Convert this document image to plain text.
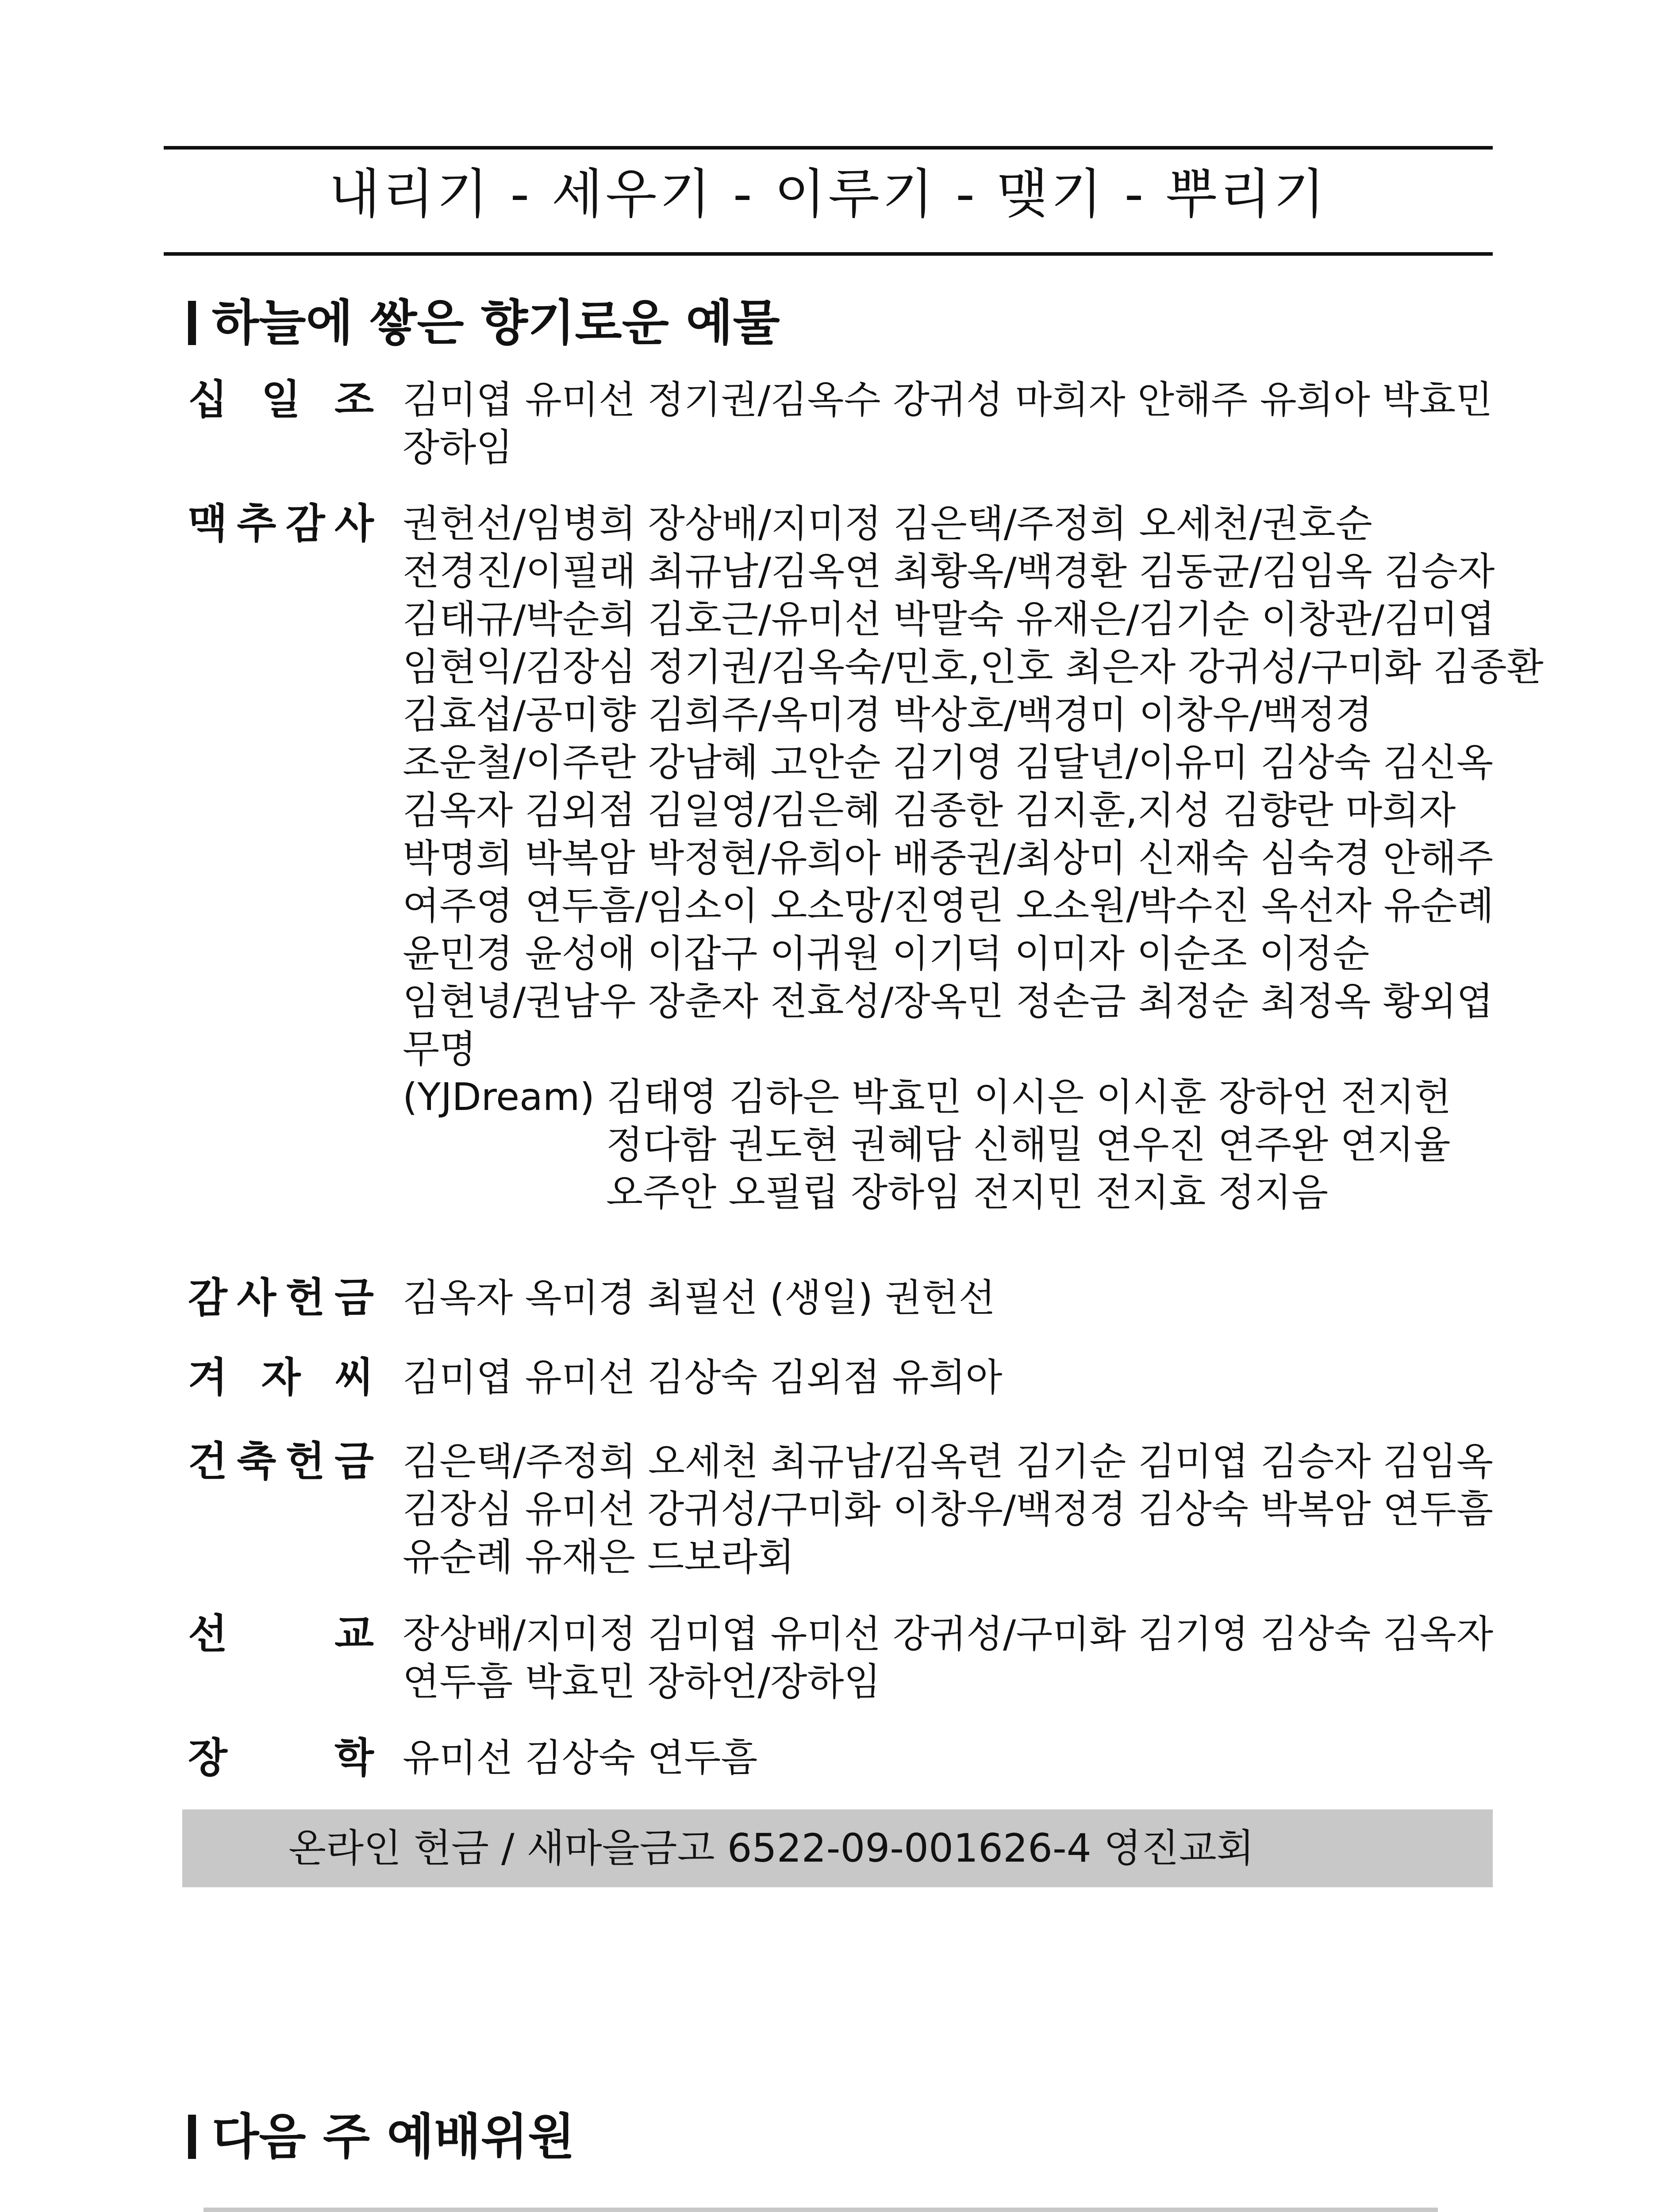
내리기 - 세우기 - 이루기 - 맺기 - 뿌리기
하늘에 쌓은 향기로운 예물
십 일 조 김미엽 유미선 정기권/김옥수 강귀성 마희자 안해주 유희아 박효민
장하임
맥 추 감 사 권헌선/임병희 장상배/지미정 김은택/주정희 오세천/권호순
전경진/이필래 최규남/김옥연 최황옥/백경환 김동균/김임옥 김승자
김태규/박순희 김호근/유미선 박말숙 유재은/김기순 이창관/김미엽
임현익/김장심 정기권/김옥숙/민호,인호 최은자 강귀성/구미화 김종환
김효섭/공미향 김희주/옥미경 박상호/백경미 이창우/백정경
조운철/이주란 강남혜 고안순 김기영 김달년/이유미 김상숙 김신옥
김옥자 김외점 김일영/김은혜 김종한 김지훈,지성 김향란 마희자
박명희 박복암 박정현/유희아 배중권/최상미 신재숙 심숙경 안해주
여주영 연두흠/임소이 오소망/진영린 오소원/박수진 옥선자 유순례
윤민경 윤성애 이갑구 이귀원 이기덕 이미자 이순조 이정순
임현녕/권남우 장춘자 전효성/장옥민 정손금 최정순 최정옥 황외엽
무명
(YJDream) 김태영 김하은 박효민 이시은 이시훈 장하언 전지헌
정다함 권도현 권혜담 신해밀 연우진 연주완 연지율
오주안 오필립 장하임 전지민 전지효 정지음
감 사 헌 금 김옥자 옥미경 최필선 (생일) 권헌선
겨 자 씨 김미엽 유미선 김상숙 김외점 유희아
건 축 헌 금 김은택/주정희 오세천 최규남/김옥련 김기순 김미엽 김승자 김임옥
김장심 유미선 강귀성/구미화 이창우/백정경 김상숙 박복암 연두흠
유순례 유재은 드보라회
선	교 장상배/지미정 김미엽 유미선 강귀성/구미화 김기영 김상숙 김옥자
연두흠 박효민 장하언/장하임
장	학 유미선 김상숙 연두흠
온라인 헌금 / 새마을금고 6522-09-001626-4 영진교회
다음 주 예배위원
